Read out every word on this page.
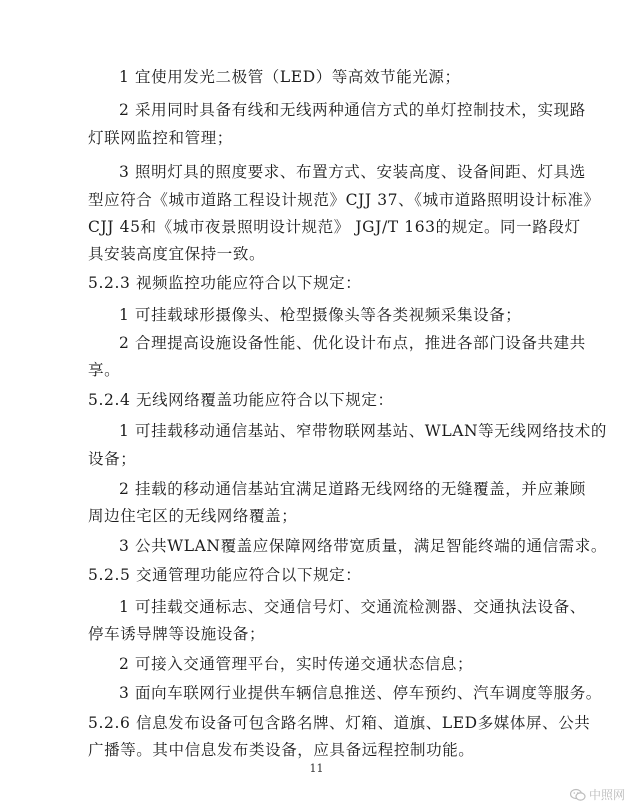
1 宜使用发光二极管（LED）等高效节能光源；
2 采用同时具备有线和无线两种通信方式的单灯控制技术，实现路
灯联网监控和管理；
3 照明灯具的照度要求、布置方式、安装高度、设备间距、灯具选
型应符合《城市道路工程设计规范》CJJ 37、《城市道路照明设计标准》
CJJ 45和《城市夜景照明设计规范》 JGJ/T 163的规定。同一路段灯
具安装高度宜保持一致。
5.2.3 视频监控功能应符合以下规定：
1 可挂载球形摄像头、枪型摄像头等各类视频采集设备；
2 合理提高设施设备性能、优化设计布点，推进各部门设备共建共
享。
5.2.4 无线网络覆盖功能应符合以下规定：
1 可挂载移动通信基站、窄带物联网基站、WLAN等无线网络技术的
设备；
2 挂载的移动通信基站宜满足道路无线网络的无缝覆盖，并应兼顾
周边住宅区的无线网络覆盖；
3 公共WLAN覆盖应保障网络带宽质量，满足智能终端的通信需求。
5.2.5 交通管理功能应符合以下规定：
1 可挂载交通标志、交通信号灯、交通流检测器、交通执法设备、
停车诱导牌等设施设备；
2 可接入交通管理平台，实时传递交通状态信息；
3 面向车联网行业提供车辆信息推送、停车预约、汽车调度等服务。
5.2.6 信息发布设备可包含路名牌、灯箱、道旗、LED多媒体屏、公共
广播等。其中信息发布类设备，应具备远程控制功能。
11
中照网
